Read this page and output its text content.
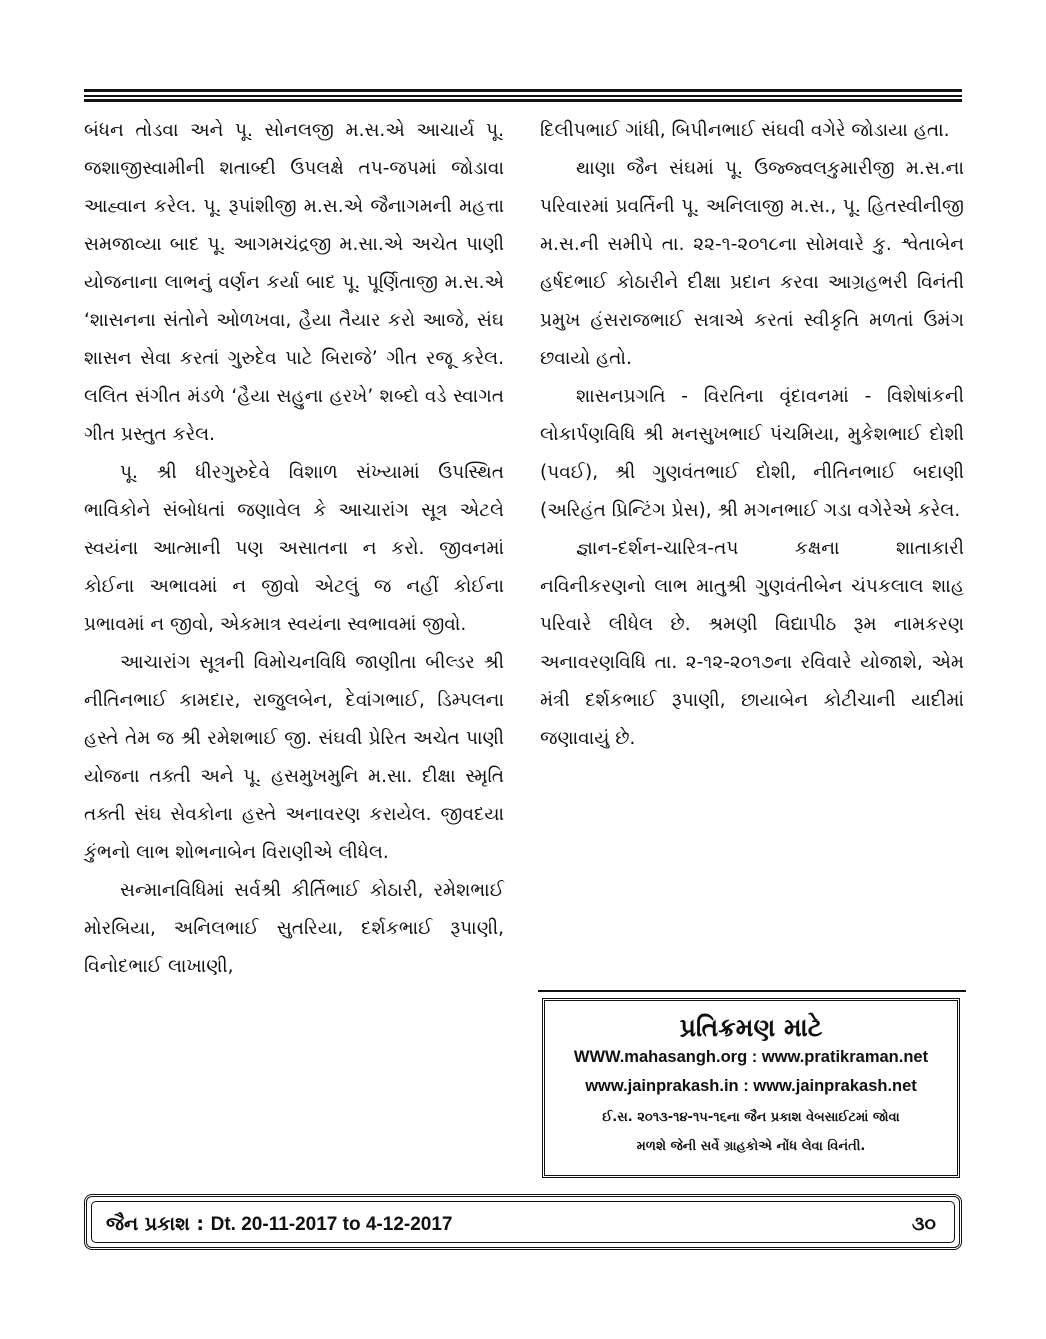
બંધન તોડવા અને પૂ. સોનલજી મ.સ.એ આચાર્ય પૂ. જશાજીસ્વામીની શતાબ્દી ઉપલક્ષે તપ-જપમાં જોડાવા આહ્વાન કરેલ. પૂ. રૂપાંશીજી મ.સ.એ જૈનાગમની મહત્તા સમજાવ્યા બાદ પૂ. આગમચંદ્રજી મ.સા.એ અચેત પાણી યોજનાના લાભનું વર્ણન કર્યા બાદ પૂ. પૂર્ણિતાજી મ.સ.એ ‘શાસનના સંતોને ઓળખવા, હૈયા તૈયાર કરો આજે, સંઘ શાસન સેવા કરતાં ગુરુદેવ પાટે બિરાજે’ ગીત રજૂ કરેલ. લલિત સંગીત મંડળે ‘હૈયા સહુના હરખે’ શબ્દો વડે સ્વાગત ગીત પ્રસ્તુત કરેલ.

પૂ. શ્રી ધીરગુરુદેવે વિશાળ સંખ્યામાં ઉપસ્થિત ભાવિકોને સંબોધતાં જણાવેલ કે આચારાંગ સૂત્ર એટલે સ્વયંના આત્માની પણ અસાતના ન કરો. જીવનમાં કોઈના અભાવમાં ન જીવો એટલું જ નહીં કોઈના પ્રભાવમાં ન જીવો, એકમાત્ર સ્વયંના સ્વભાવમાં જીવો.

આચારાંગ સૂત્રની વિમોચનવિધિ જાણીતા બીલ્ડર શ્રી નીતિનભાઈ કામદાર, રાજુલબેન, દેવાંગભાઈ, ડિમ્પલના હસ્તે તેમ જ શ્રી રમેશભાઈ જી. સંઘવી પ્રેરિત અચેત પાણી યોજના તક્તી અને પૂ. હસમુખમુનિ મ.સા. દીક્ષા સ્મૃતિ તક્તી સંઘ સેવકોના હસ્તે અનાવરણ કરાયેલ. જીવદયા કુંભનો લાભ શોભનાબેન વિરાણીએ લીધેલ.

સન્માનવિધિમાં સર્વશ્રી કીર્તિભાઈ કોઠારી, રમેશભાઈ મોરબિયા, અનિલભાઈ સુતરિયા, દર્શકભાઈ રૂપાણી, વિનોદભાઈ લાખાણી,

દિલીપભાઈ ગાંધી, બિપીનભાઈ સંઘવી વગેરે જોડાયા હતા.

થાણા જૈન સંઘમાં પૂ. ઉજ્જ્વલકુમારીજી મ.સ.ના પરિવારમાં પ્રવર્તિની પૂ. અનિલાજી મ.સ., પૂ. હિતસ્વીનીજી મ.સ.ની સમીપે તા. ૨૨-૧-૨૦૧૮ના સોમવારે કુ. શ્વેતાબેન હર્ષદભાઈ કોઠારીને દીક્ષા પ્રદાન કરવા આગ્રહભરી વિનંતી પ્રમુખ હંસરાજભાઈ સત્રાએ કરતાં સ્વીકૃતિ મળતાં ઉમંગ છવાયો હતો.

શાસનપ્રગતિ - વિરતિના વૃંદાવનમાં - વિશેષાંકની લોકાર્પણવિધિ શ્રી મનસુખભાઈ પંચમિયા, મુકેશભાઈ દોશી (પવઈ), શ્રી ગુણવંતભાઈ દોશી, નીતિનભાઈ બદાણી (અરિહંત પ્રિન્ટિંગ પ્રેસ), શ્રી મગનભાઈ ગડા વગેરેએ કરેલ.

જ્ઞાન-દર્શન-ચારિત્ર-તપ કક્ષના શાતાકારી નવિનીકરણનો લાભ માતુશ્રી ગુણવંતીબેન ચંપકલાલ શાહ પરિવારે લીધેલ છે. શ્રમણી વિદ્યાપીઠ રૂમ નામકરણ અનાવરણવિધિ તા. ૨-૧૨-૨૦૧૭ના રવિવારે યોજાશે, એમ મંત્રી દર્શકભાઈ રૂપાણી, છાયાબેન કોટીચાની યાદીમાં જણાવાયું છે.

પ્રતિક્રમણ માટે
WWW.mahasangh.org : www.pratikraman.net
www.jainprakash.in : www.jainprakash.net
ઈ.સ. ૨૦૧૩-૧૪-૧૫-૧૬ના જૈન પ્રકાશ વેબસાઈટમાં જોવા
મળશે જેની સર્વે ગ્રાહકોએ નોંધ લેવા વિનંતી.
જૈન પ્રકાશ : Dt. 20-11-2017 to 4-12-2017	૩૦
